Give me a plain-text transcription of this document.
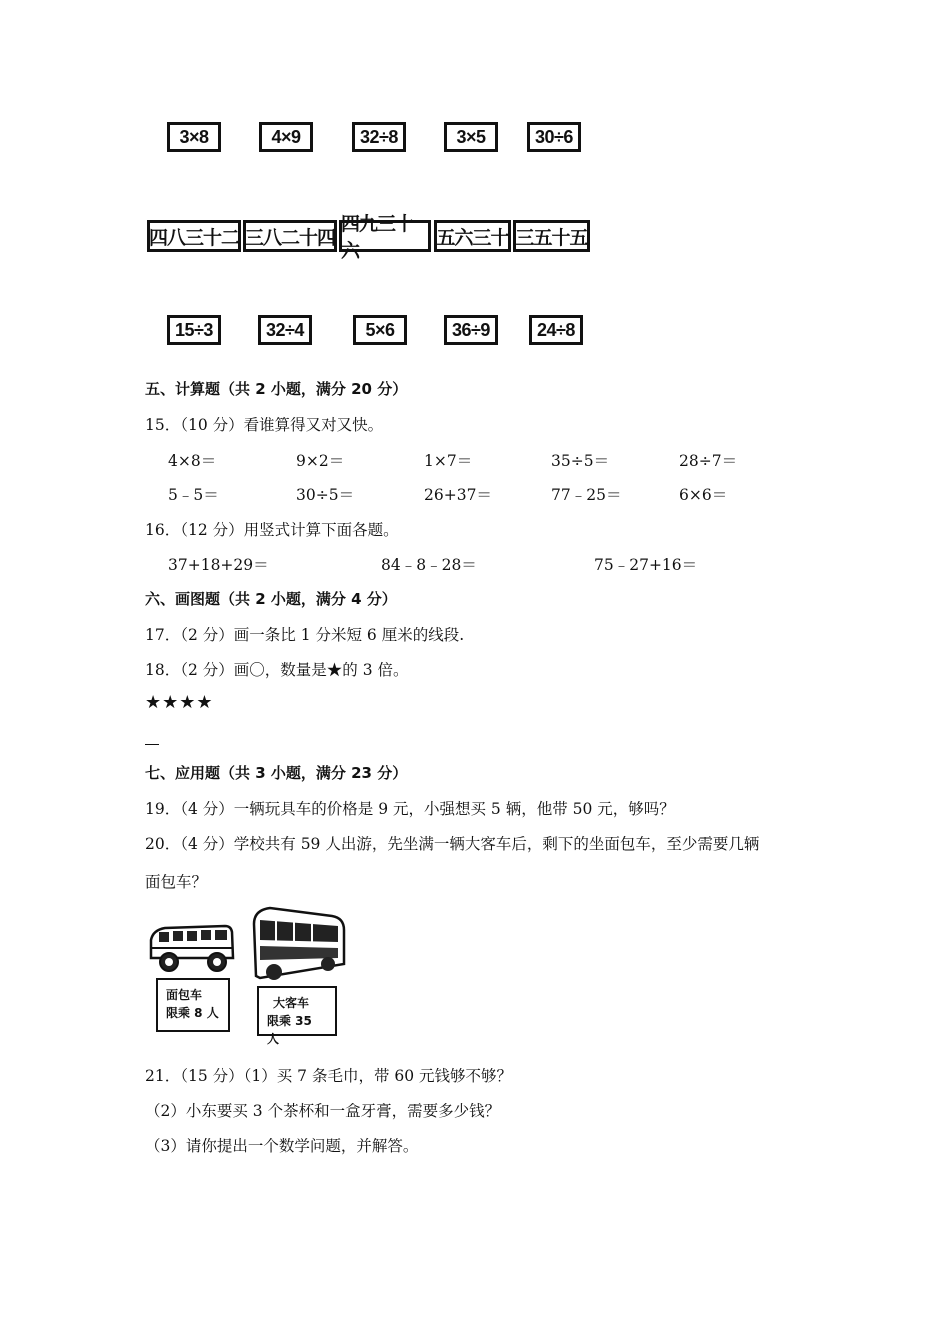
3×8	4×9	32÷8	3×5	30÷6
四八三十二 三八二十四
四九三十六
五六三十 三五十五
15÷3	32÷4	5×6	36÷9	24÷8
五、计算题（共 2 小题，满分 20 分）
15．（10 分）看谁算得又对又快。
4×8＝	9×2＝	1×7＝	35÷5＝	28÷7＝
5﹣5＝	30÷5＝	26+37＝	77﹣25＝	6×6＝
16．（12 分）用竖式计算下面各题。
37+18+29＝	84﹣8﹣28＝	75﹣27+16＝
六、画图题（共 2 小题，满分 4 分）
17．（2 分）画一条比 1 分米短 6 厘米的线段.
18．（2 分）画〇，数量是★的 3 倍。
★★★★
七、应用题（共 3 小题，满分 23 分）
19．（4 分）一辆玩具车的价格是 9 元，小强想买 5 辆，他带 50 元，够吗？
20．（4 分）学校共有 59 人出游，先坐满一辆大客车后，剩下的坐面包车，至少需要几辆
面包车？
面包车
限乘 8 人
大客车
限乘 35 人
21．（15 分）（1）买 7 条毛巾，带 60 元钱够不够？
（2）小东要买 3 个茶杯和一盒牙膏，需要多少钱？
（3）请你提出一个数学问题，并解答。
